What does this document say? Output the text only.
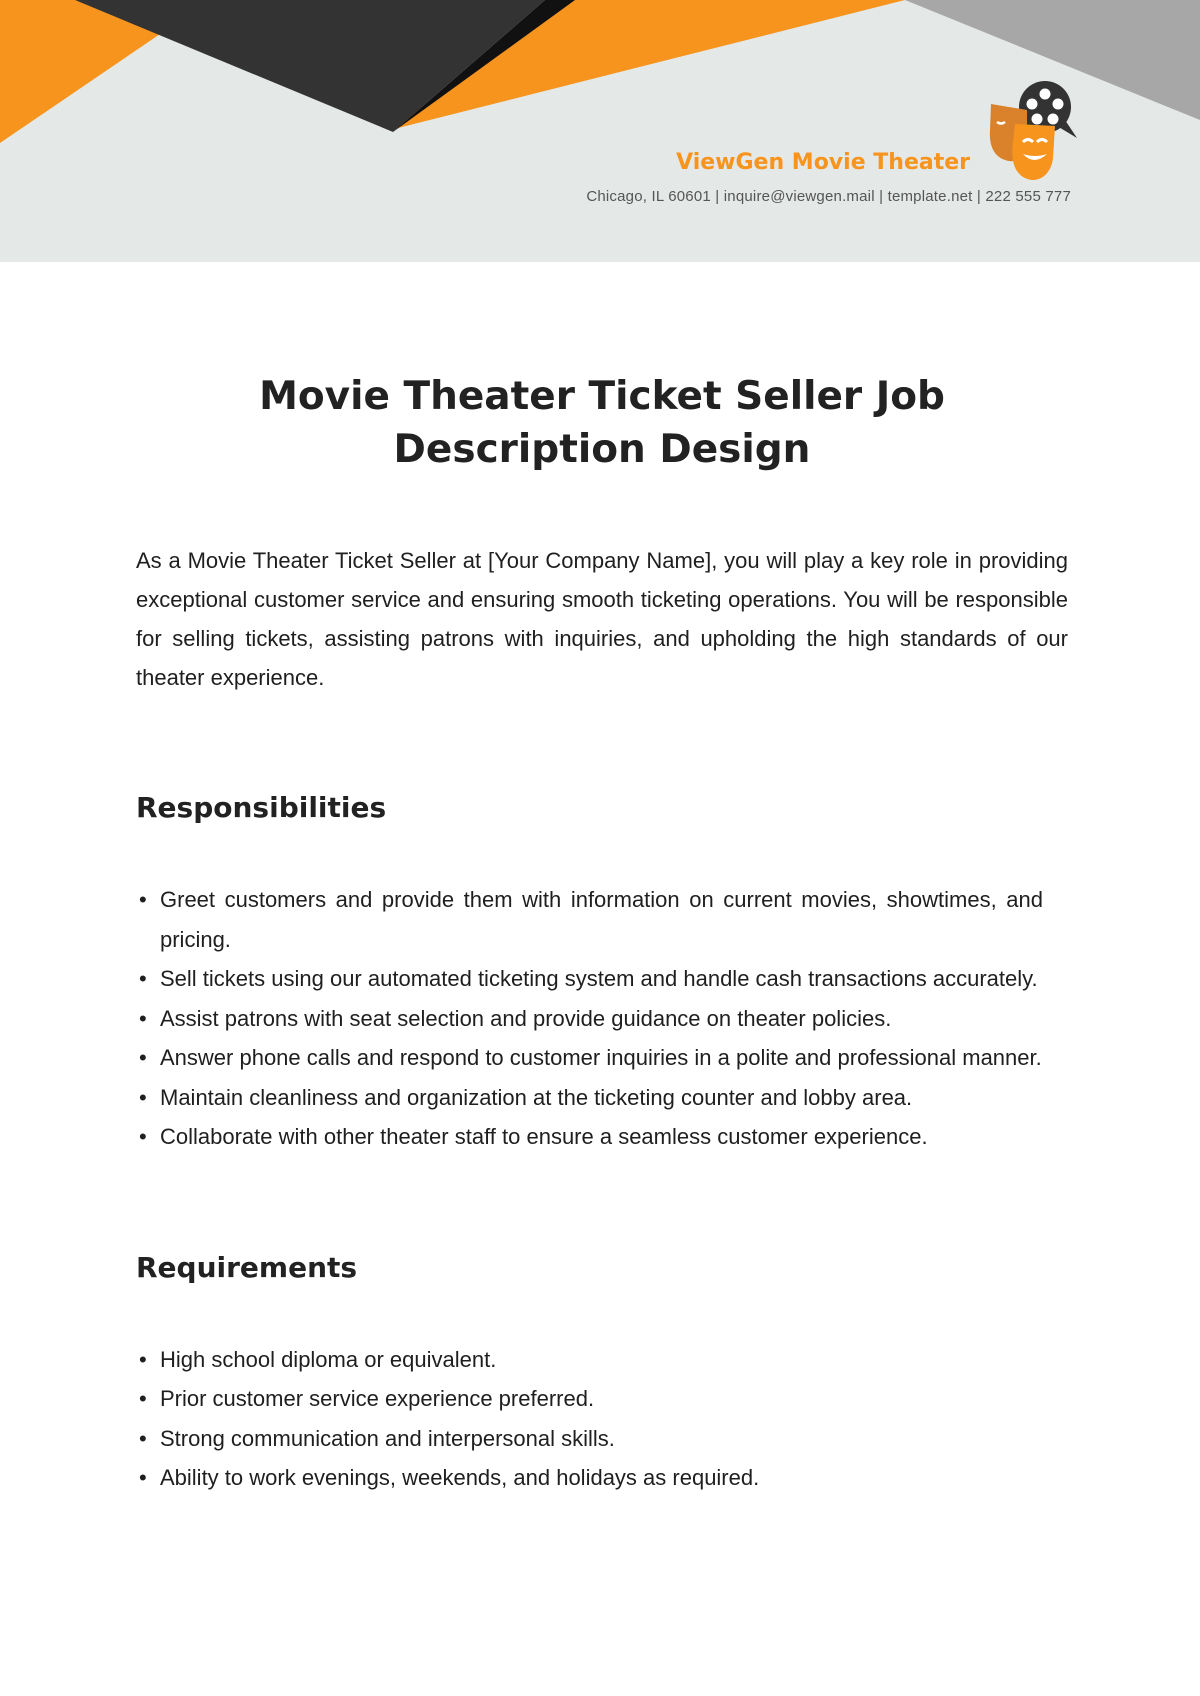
ViewGen Movie Theater
Chicago, IL 60601 | inquire@viewgen.mail | template.net | 222 555 777
Movie Theater Ticket Seller Job Description Design

As a Movie Theater Ticket Seller at [Your Company Name], you will play a key role in providing exceptional customer service and ensuring smooth ticketing operations. You will be responsible for selling tickets, assisting patrons with inquiries, and upholding the high standards of our theater experience.

Responsibilities
• Greet customers and provide them with information on current movies, showtimes, and pricing.
• Sell tickets using our automated ticketing system and handle cash transactions accurately.
• Assist patrons with seat selection and provide guidance on theater policies.
• Answer phone calls and respond to customer inquiries in a polite and professional manner.
• Maintain cleanliness and organization at the ticketing counter and lobby area.
• Collaborate with other theater staff to ensure a seamless customer experience.
Requirements
• High school diploma or equivalent.
• Prior customer service experience preferred.
• Strong communication and interpersonal skills.
• Ability to work evenings, weekends, and holidays as required.
